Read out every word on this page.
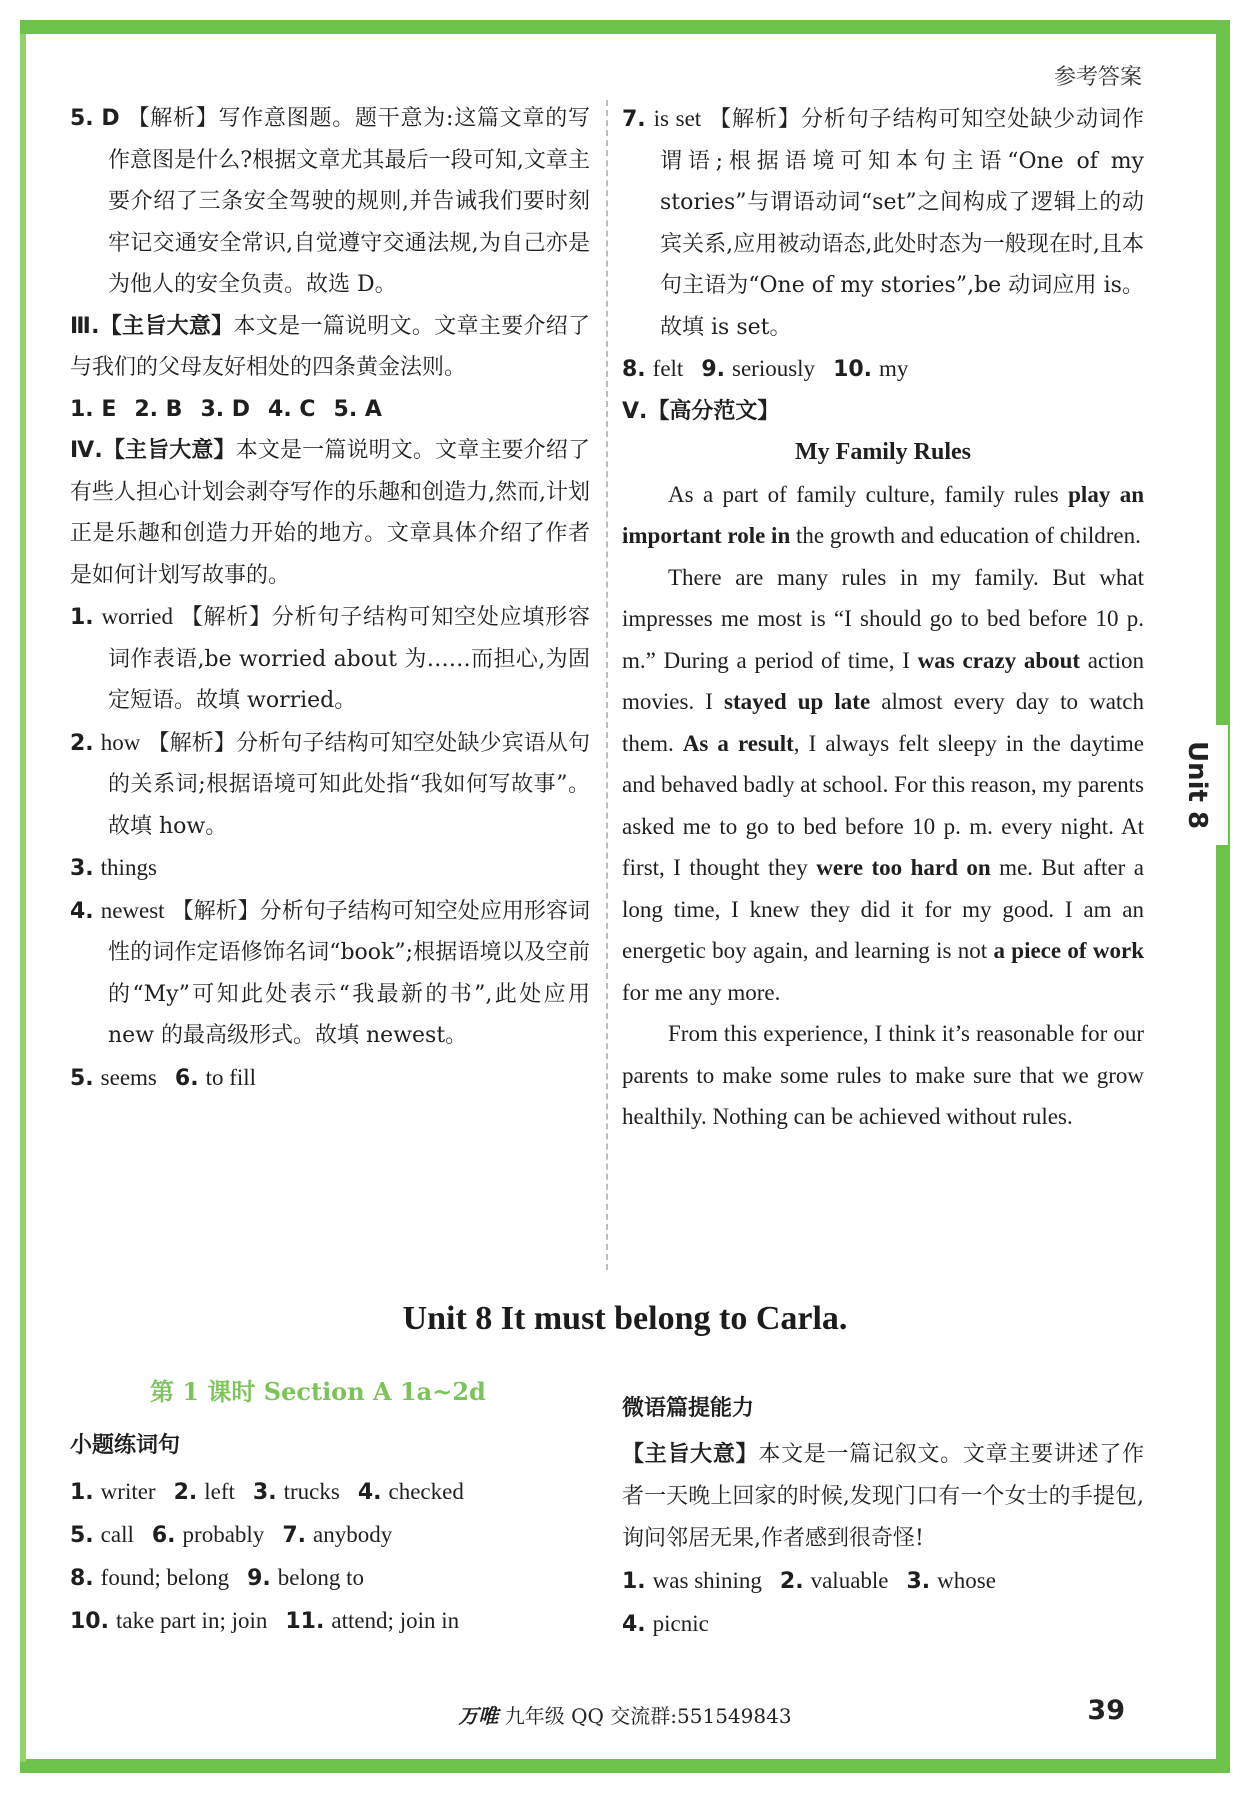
Unit 8
参考答案

5. D 【解析】写作意图题。题干意为:这篇文章的写作意图是什么?根据文章尤其最后一段可知,文章主要介绍了三条安全驾驶的规则,并告诫我们要时刻牢记交通安全常识,自觉遵守交通法规,为自己亦是为他人的安全负责。故选 D。

Ⅲ.【主旨大意】本文是一篇说明文。文章主要介绍了与我们的父母友好相处的四条黄金法则。

1. E 2. B 3. D 4. C 5. A

Ⅳ.【主旨大意】本文是一篇说明文。文章主要介绍了有些人担心计划会剥夺写作的乐趣和创造力,然而,计划正是乐趣和创造力开始的地方。文章具体介绍了作者是如何计划写故事的。

1. worried 【解析】分析句子结构可知空处应填形容词作表语,be worried about 为……而担心,为固定短语。故填 worried。

2. how 【解析】分析句子结构可知空处缺少宾语从句的关系词;根据语境可知此处指“我如何写故事”。故填 how。

3. things

4. newest 【解析】分析句子结构可知空处应用形容词性的词作定语修饰名词“book”;根据语境以及空前的“My”可知此处表示“我最新的书”,此处应用 new 的最高级形式。故填 newest。

5. seems 6. to fill

7. is set 【解析】分析句子结构可知空处缺少动词作谓语;根据语境可知本句主语“One of my stories”与谓语动词“set”之间构成了逻辑上的动宾关系,应用被动语态,此处时态为一般现在时,且本句主语为“One of my stories”,be 动词应用 is。故填 is set。

8. felt 9. seriously 10. my

Ⅴ.【高分范文】

My Family Rules

As a part of family culture, family rules play an important role in the growth and education of children.

There are many rules in my family. But what impresses me most is “I should go to bed before 10 p. m.” During a period of time, I was crazy about action movies. I stayed up late almost every day to watch them. As a result, I always felt sleepy in the daytime and behaved badly at school. For this reason, my parents asked me to go to bed before 10 p. m. every night. At first, I thought they were too hard on me. But after a long time, I knew they did it for my good. I am an energetic boy again, and learning is not a piece of work for me any more.

From this experience, I think it’s reasonable for our parents to make some rules to make sure that we grow healthily. Nothing can be achieved without rules.

Unit 8 It must belong to Carla.
第 1 课时 Section A 1a~2d

小题练词句

1. writer 2. left 3. trucks 4. checked

5. call 6. probably 7. anybody

8. found; belong 9. belong to

10. take part in; join 11. attend; join in

微语篇提能力

【主旨大意】本文是一篇记叙文。文章主要讲述了作者一天晚上回家的时候,发现门口有一个女士的手提包,询问邻居无果,作者感到很奇怪!

1. was shining 2. valuable 3. whose

4. picnic

万唯 九年级 QQ 交流群:551549843	39
